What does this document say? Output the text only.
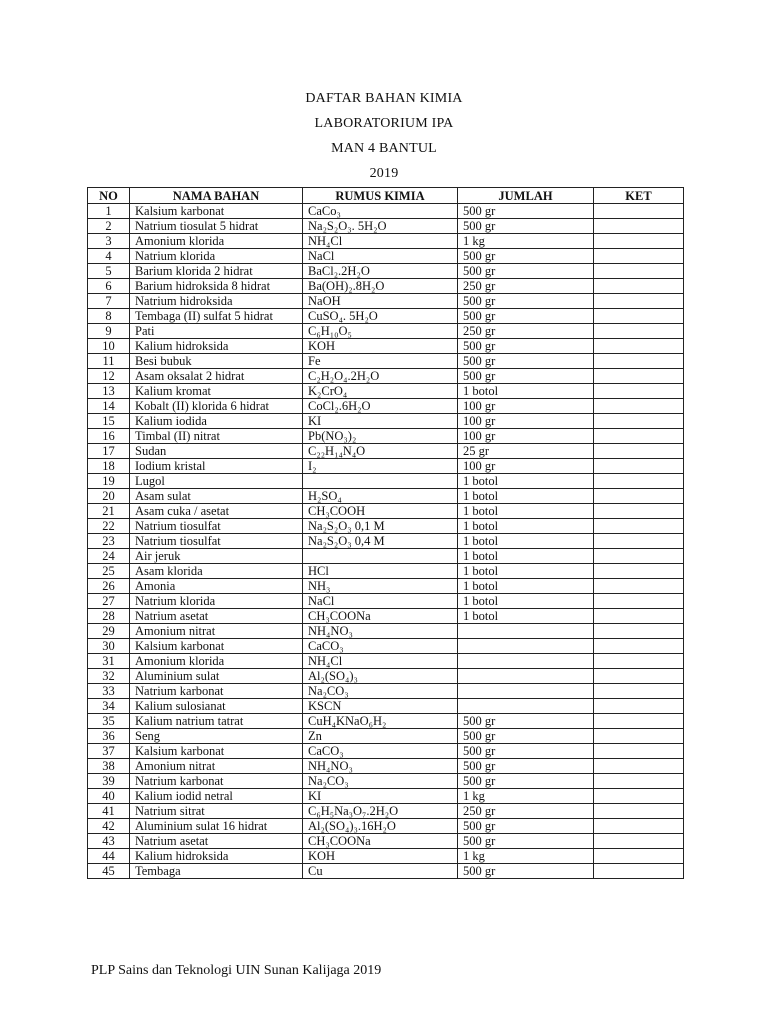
DAFTAR BAHAN KIMIA
LABORATORIUM IPA
MAN 4 BANTUL
2019
NO	NAMA BAHAN	RUMUS KIMIA	JUMLAH	KET
1	Kalsium karbonat	CaCo₃	500 gr	
2	Natrium tiosulat 5 hidrat	Na₂S₂O₃. 5H₂O	500 gr	
3	Amonium klorida	NH₄Cl	1 kg	
4	Natrium klorida	NaCl	500 gr	
5	Barium klorida 2 hidrat	BaCl₂.2H₂O	500 gr	
6	Barium hidroksida 8 hidrat	Ba(OH)₂.8H₂O	250 gr	
7	Natrium hidroksida	NaOH	500 gr	
8	Tembaga (II) sulfat 5 hidrat	CuSO₄. 5H₂O	500 gr	
9	Pati	C₆H₁₀O₅	250 gr	
10	Kalium hidroksida	KOH	500 gr	
11	Besi bubuk	Fe	500 gr	
12	Asam oksalat 2 hidrat	C₂H₂O₄.2H₂O	500 gr	
13	Kalium kromat	K₂CrO₄	1 botol	
14	Kobalt (II) klorida 6 hidrat	CoCl₂.6H₂O	100 gr	
15	Kalium iodida	KI	100 gr	
16	Timbal (II) nitrat	Pb(NO₃)₂	100 gr	
17	Sudan	C₂₂H₁₄N₄O	25 gr	
18	Iodium kristal	I₂	100 gr	
19	Lugol		1 botol	
20	Asam sulat	H₂SO₄	1 botol	
21	Asam cuka / asetat	CH₃COOH	1 botol	
22	Natrium tiosulfat	Na₂S₂O₃ 0,1 M	1 botol	
23	Natrium tiosulfat	Na₂S₂O₃ 0,4 M	1 botol	
24	Air jeruk		1 botol	
25	Asam klorida	HCl	1 botol	
26	Amonia	NH₃	1 botol	
27	Natrium klorida	NaCl	1 botol	
28	Natrium asetat	CH₃COONa	1 botol	
29	Amonium nitrat	NH₄NO₃		
30	Kalsium karbonat	CaCO₃		
31	Amonium klorida	NH₄Cl		
32	Aluminium sulat	Al₂(SO₄)₃		
33	Natrium karbonat	Na₂CO₃		
34	Kalium sulosianat	KSCN		
35	Kalium natrium tatrat	CuH₄KNaO₆H₂	500 gr	
36	Seng	Zn	500 gr	
37	Kalsium karbonat	CaCO₃	500 gr	
38	Amonium nitrat	NH₄NO₃	500 gr	
39	Natrium karbonat	Na₂CO₃	500 gr	
40	Kalium iodid netral	KI	1 kg	
41	Natrium sitrat	C₆H₅Na₃O₇.2H₂O	250 gr	
42	Aluminium sulat 16 hidrat	Al₂(SO₄)₃.16H₂O	500 gr	
43	Natrium asetat	CH₃COONa	500 gr	
44	Kalium hidroksida	KOH	1 kg	
45	Tembaga	Cu	500 gr	
PLP Sains dan Teknologi UIN Sunan Kalijaga 2019
